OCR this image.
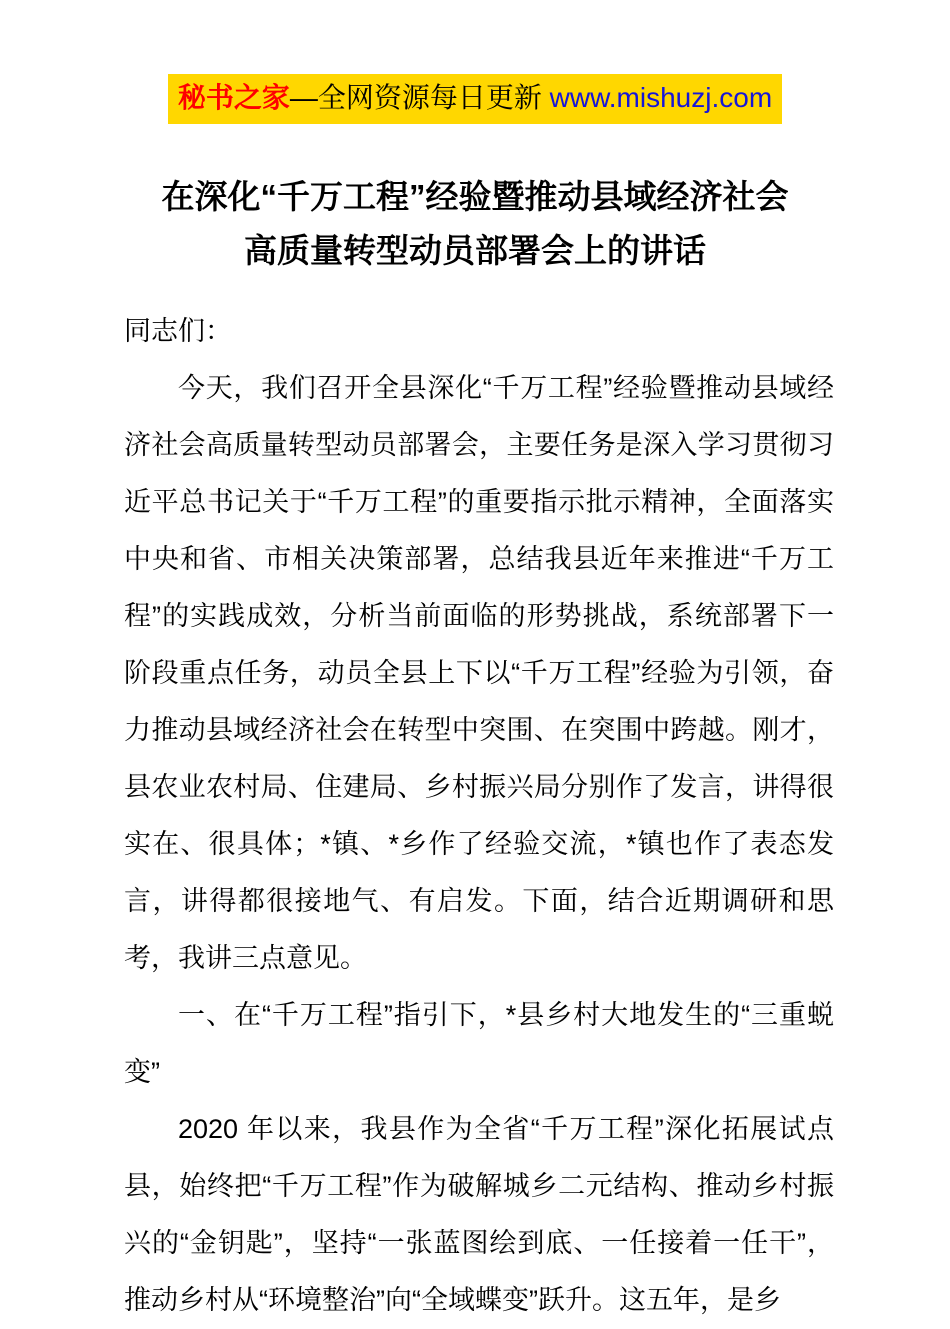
秘书之家—全网资源每日更新 www.mishuzj.com
在深化“千万工程”经验暨推动县域经济社会
高质量转型动员部署会上的讲话

同志们：

今天，我们召开全县深化“千万工程”经验暨推动县域经济社会高质量转型动员部署会，主要任务是深入学习贯彻习近平总书记关于“千万工程”的重要指示批示精神，全面落实中央和省、市相关决策部署，总结我县近年来推进“千万工程”的实践成效，分析当前面临的形势挑战，系统部署下一阶段重点任务，动员全县上下以“千万工程”经验为引领，奋力推动县域经济社会在转型中突围、在突围中跨越。刚才，县农业农村局、住建局、乡村振兴局分别作了发言，讲得很实在、很具体；*镇、*乡作了经验交流，*镇也作了表态发言，讲得都很接地气、有启发。下面，结合近期调研和思考，我讲三点意见。

一、在“千万工程”指引下，*县乡村大地发生的“三重蜕变”

2020 年以来，我县作为全省“千万工程”深化拓展试点县，始终把“千万工程”作为破解城乡二元结构、推动乡村振兴的“金钥匙”，坚持“一张蓝图绘到底、一任接着一任干”，推动乡村从“环境整治”向“全域蝶变”跃升。这五年，是乡
